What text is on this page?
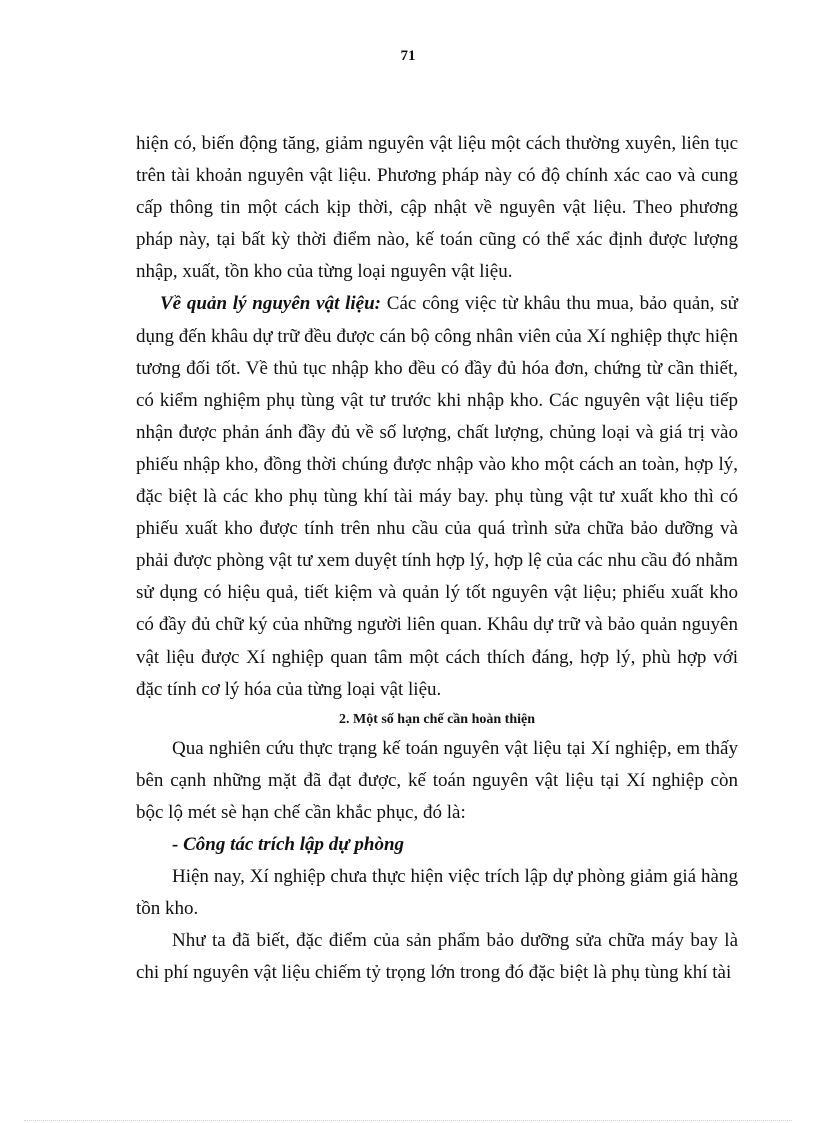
71

hiện có, biến động tăng, giảm nguyên vật liệu một cách thường xuyên, liên tục trên tài khoản nguyên vật liệu. Phương pháp này có độ chính xác cao và cung cấp thông tin một cách kịp thời, cập nhật về nguyên vật liệu. Theo phương pháp này, tại bất kỳ thời điểm nào, kế toán cũng có thể xác định được lượng nhập, xuất, tồn kho của từng loại nguyên vật liệu.

Về quản lý nguyên vật liệu: Các công việc từ khâu thu mua, bảo quản, sử dụng đến khâu dự trữ đều được cán bộ công nhân viên của Xí nghiệp thực hiện tương đối tốt. Về thủ tục nhập kho đều có đầy đủ hóa đơn, chứng từ cần thiết, có kiểm nghiệm phụ tùng vật tư trước khi nhập kho. Các nguyên vật liệu tiếp nhận được phản ánh đầy đủ về số lượng, chất lượng, chủng loại và giá trị vào phiếu nhập kho, đồng thời chúng được nhập vào kho một cách an toàn, hợp lý, đặc biệt là các kho phụ tùng khí tài máy bay. phụ tùng vật tư xuất kho thì có phiếu xuất kho được tính trên nhu cầu của quá trình sửa chữa bảo dưỡng và phải được phòng vật tư xem duyệt tính hợp lý, hợp lệ của các nhu cầu đó nhằm sử dụng có hiệu quả, tiết kiệm và quản lý tốt nguyên vật liệu; phiếu xuất kho có đầy đủ chữ ký của những người liên quan. Khâu dự trữ và bảo quản nguyên vật liệu được Xí nghiệp quan tâm một cách thích đáng, hợp lý, phù hợp với đặc tính cơ lý hóa của từng loại vật liệu.

2. Một số hạn chế cần hoàn thiện

Qua nghiên cứu thực trạng kế toán nguyên vật liệu tại Xí nghiệp, em thấy bên cạnh những mặt đã đạt được, kế toán nguyên vật liệu tại Xí nghiệp còn bộc lộ mét sè hạn chế cần khắc phục, đó là:

- Công tác trích lập dự phòng

Hiện nay, Xí nghiệp chưa thực hiện việc trích lập dự phòng giảm giá hàng tồn kho.

Như ta đã biết, đặc điểm của sản phẩm bảo dưỡng sửa chữa máy bay là chi phí nguyên vật liệu chiếm tỷ trọng lớn trong đó đặc biệt là phụ tùng khí tài
